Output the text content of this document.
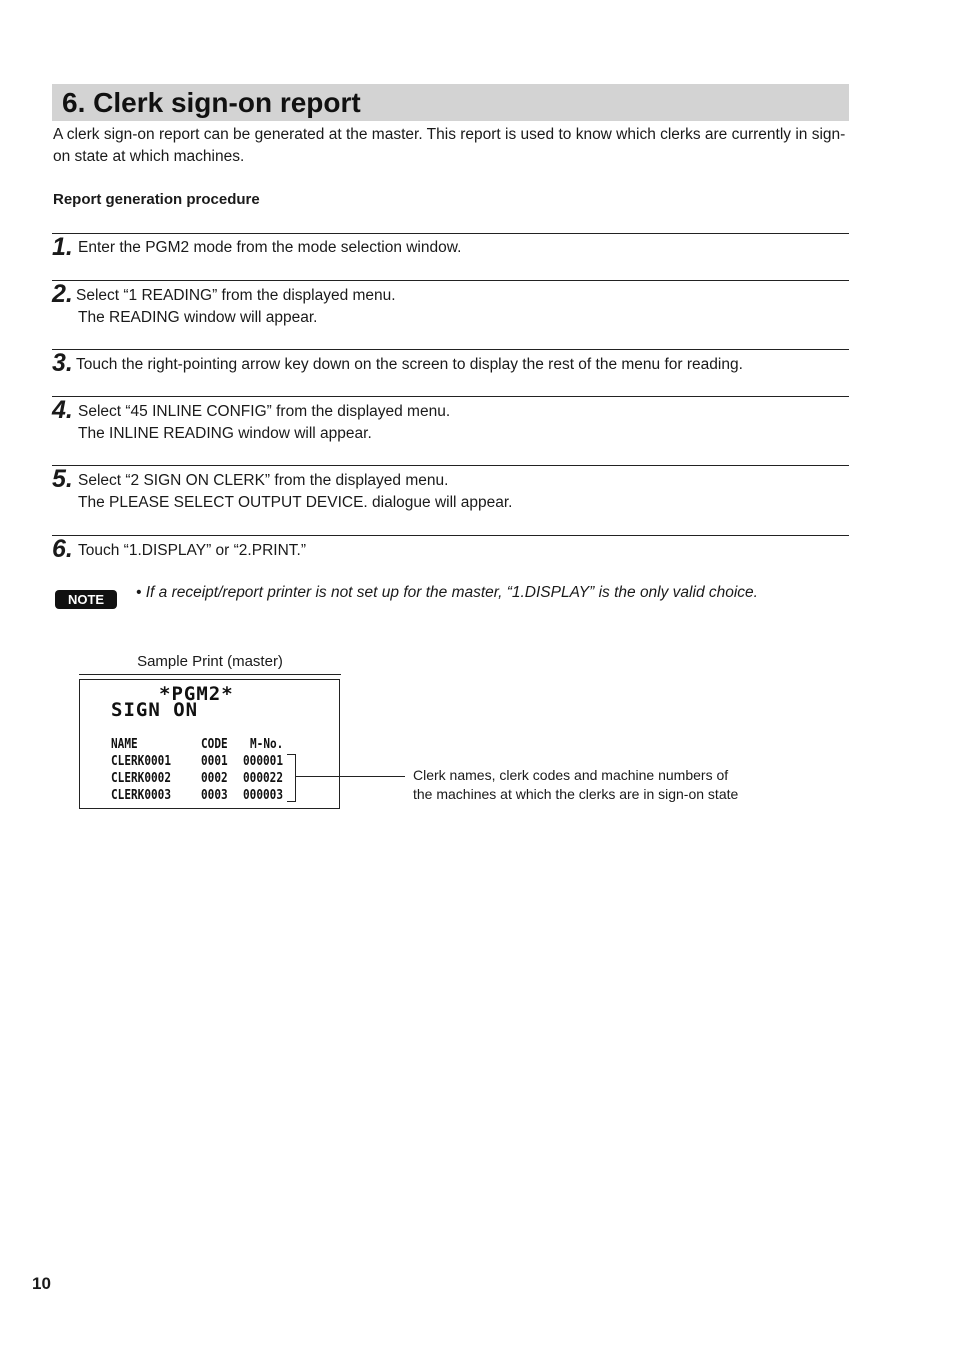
6. Clerk sign-on report

A clerk sign-on report can be generated at the master. This report is used to know which clerks are currently in sign-on state at which machines.

Report generation procedure

1. Enter the PGM2 mode from the mode selection window.
2. Select “1 READING” from the displayed menu.
The READING window will appear.
3. Touch the right-pointing arrow key down on the screen to display the rest of the menu for reading.
4. Select “45 INLINE CONFIG” from the displayed menu.
The INLINE READING window will appear.
5. Select “2 SIGN ON CLERK” from the displayed menu.
The PLEASE SELECT OUTPUT DEVICE. dialogue will appear.
6. Touch “1.DISPLAY” or “2.PRINT.”
NOTE	• If a receipt/report printer is not set up for the master, “1.DISPLAY” is the only valid choice.
Sample Print (master)
*PGM2*
SIGN ON
NAME	CODE M-No.
CLERK0001 0001 000001
CLERK0002 0002 000022
CLERK0003 0003 000003
Clerk names, clerk codes and machine numbers of
the machines at which the clerks are in sign-on state
10
